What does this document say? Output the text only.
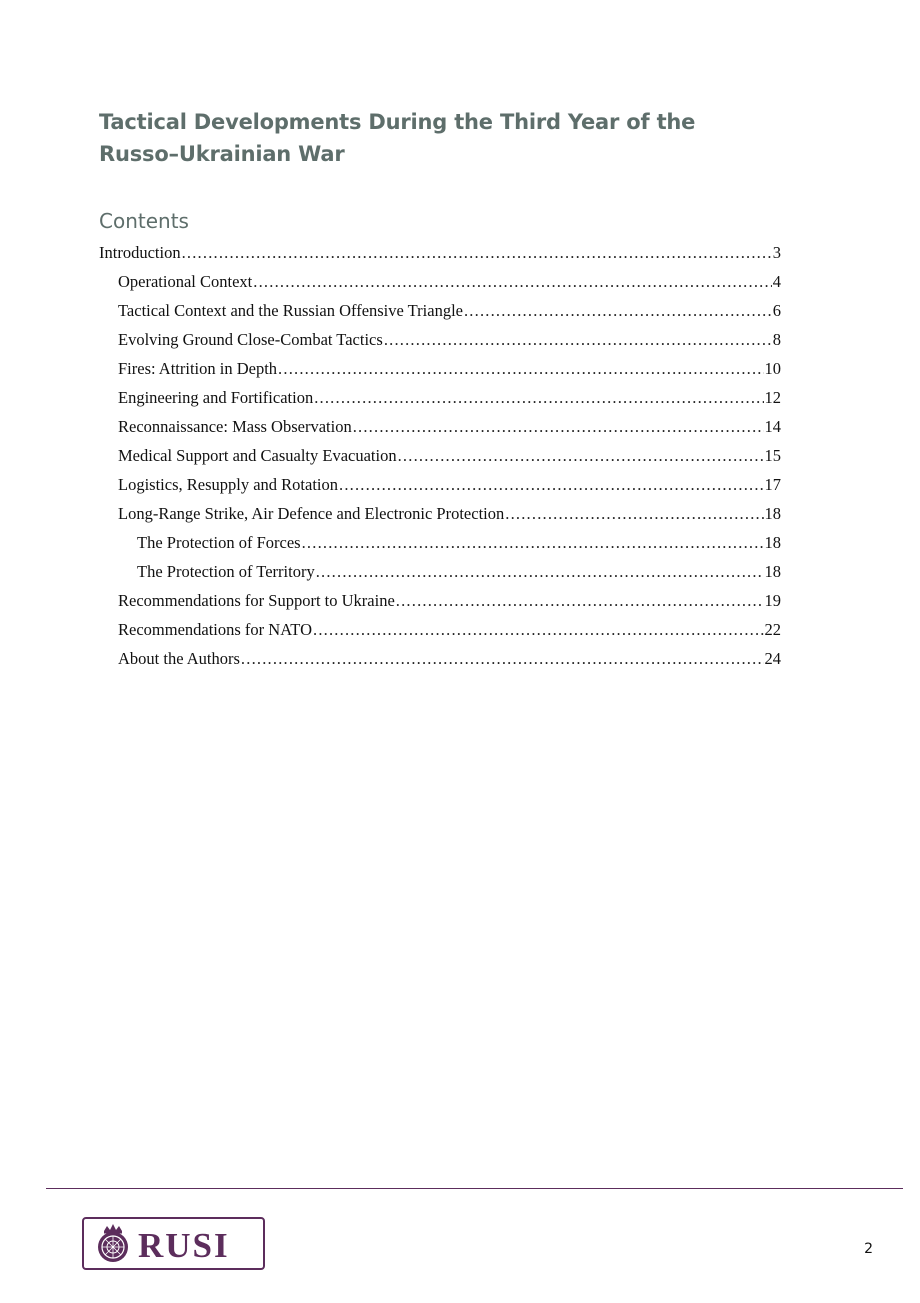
Tactical Developments During the Third Year of the Russo–Ukrainian War
Contents
Introduction .....	3
Operational Context .....	4
Tactical Context and the Russian Offensive Triangle .....	6
Evolving Ground Close-Combat Tactics .....	8
Fires: Attrition in Depth .....	10
Engineering and Fortification .....	12
Reconnaissance: Mass Observation .....	14
Medical Support and Casualty Evacuation .....	15
Logistics, Resupply and Rotation .....	17
Long-Range Strike, Air Defence and Electronic Protection .....	18
The Protection of Forces .....	18
The Protection of Territory .....	18
Recommendations for Support to Ukraine .....	19
Recommendations for NATO .....	22
About the Authors .....	24
RUSI	2
